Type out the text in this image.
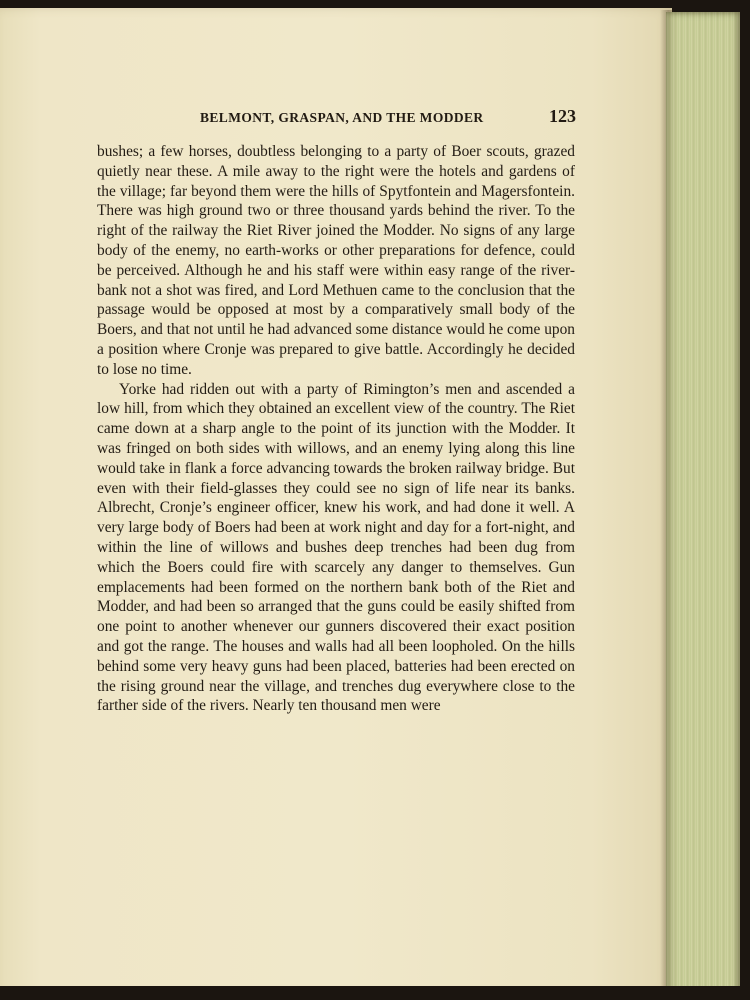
BELMONT, GRASPAN, AND THE MODDER	123

bushes; a few horses, doubtless belonging to a party of Boer scouts, grazed quietly near these. A mile away to the right were the hotels and gardens of the village; far beyond them were the hills of Spytfontein and Magersfontein. There was high ground two or three thousand yards behind the river. To the right of the railway the Riet River joined the Modder. No signs of any large body of the enemy, no earth-works or other preparations for defence, could be perceived. Although he and his staff were within easy range of the river-bank not a shot was fired, and Lord Methuen came to the conclusion that the passage would be opposed at most by a comparatively small body of the Boers, and that not until he had advanced some distance would he come upon a position where Cronje was prepared to give battle. Accordingly he decided to lose no time.

Yorke had ridden out with a party of Rimington’s men and ascended a low hill, from which they obtained an excellent view of the country. The Riet came down at a sharp angle to the point of its junction with the Modder. It was fringed on both sides with willows, and an enemy lying along this line would take in flank a force advancing towards the broken railway bridge. But even with their field-glasses they could see no sign of life near its banks. Albrecht, Cronje’s engineer officer, knew his work, and had done it well. A very large body of Boers had been at work night and day for a fort-night, and within the line of willows and bushes deep trenches had been dug from which the Boers could fire with scarcely any danger to themselves. Gun emplacements had been formed on the northern bank both of the Riet and Modder, and had been so arranged that the guns could be easily shifted from one point to another whenever our gunners discovered their exact position and got the range. The houses and walls had all been loopholed. On the hills behind some very heavy guns had been placed, batteries had been erected on the rising ground near the village, and trenches dug everywhere close to the farther side of the rivers. Nearly ten thousand men were
